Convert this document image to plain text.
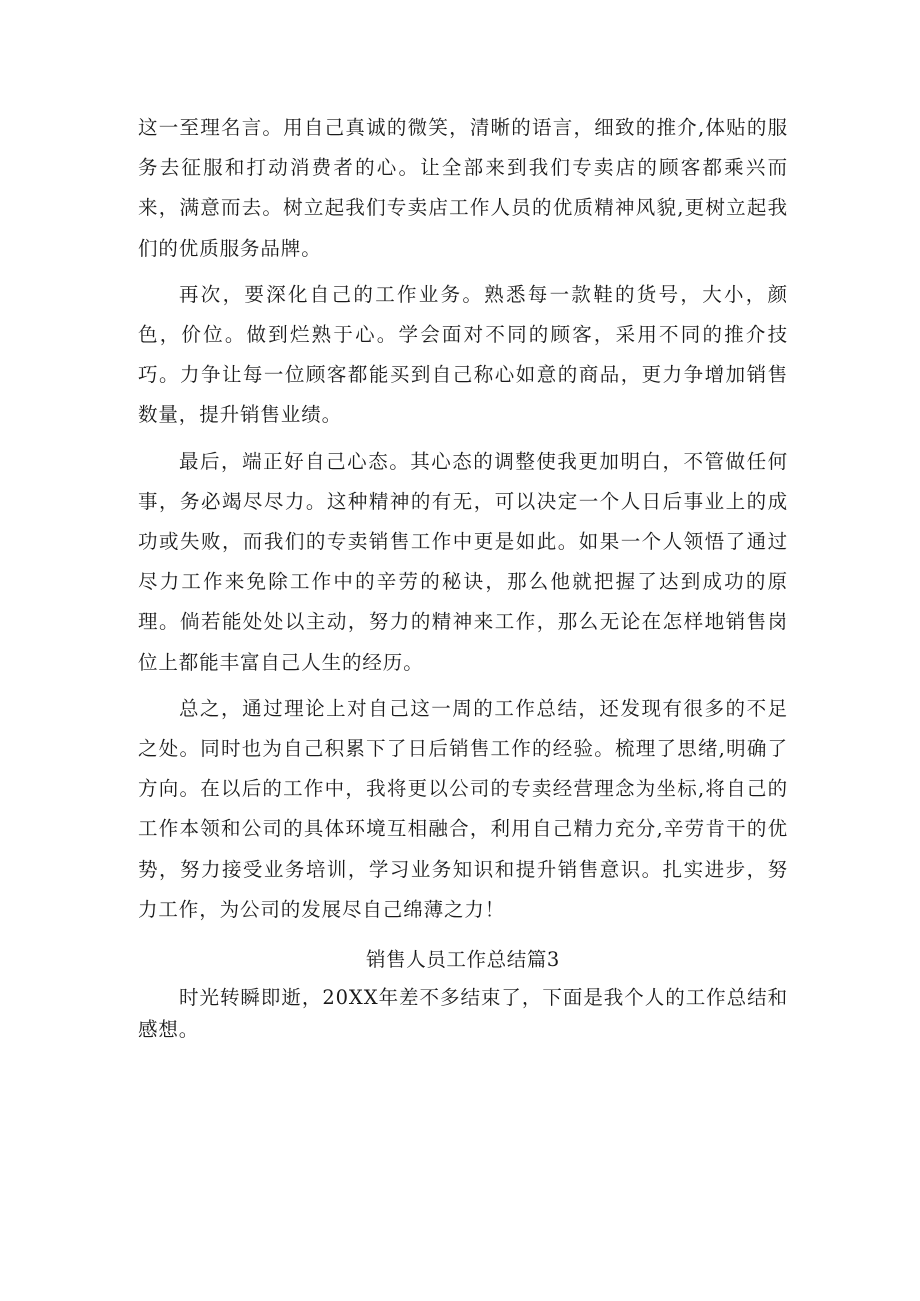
这一至理名言。用自己真诚的微笑，清晰的语言，细致的推介,体贴的服务去征服和打动消费者的心。让全部来到我们专卖店的顾客都乘兴而来，满意而去。树立起我们专卖店工作人员的优质精神风貌,更树立起我们的优质服务品牌。

再次，要深化自己的工作业务。熟悉每一款鞋的货号，大小，颜色，价位。做到烂熟于心。学会面对不同的顾客，采用不同的推介技巧。力争让每一位顾客都能买到自己称心如意的商品，更力争增加销售数量，提升销售业绩。

最后，端正好自己心态。其心态的调整使我更加明白，不管做任何事，务必竭尽尽力。这种精神的有无，可以决定一个人日后事业上的成功或失败，而我们的专卖销售工作中更是如此。如果一个人领悟了通过尽力工作来免除工作中的辛劳的秘诀，那么他就把握了达到成功的原理。倘若能处处以主动，努力的精神来工作，那么无论在怎样地销售岗位上都能丰富自己人生的经历。

总之，通过理论上对自己这一周的工作总结，还发现有很多的不足之处。同时也为自己积累下了日后销售工作的经验。梳理了思绪,明确了方向。在以后的工作中，我将更以公司的专卖经营理念为坐标,将自己的工作本领和公司的具体环境互相融合，利用自己精力充分,辛劳肯干的优势，努力接受业务培训，学习业务知识和提升销售意识。扎实进步，努力工作，为公司的发展尽自己绵薄之力！

销售人员工作总结篇3

时光转瞬即逝，20XX年差不多结束了，下面是我个人的工作总结和感想。
